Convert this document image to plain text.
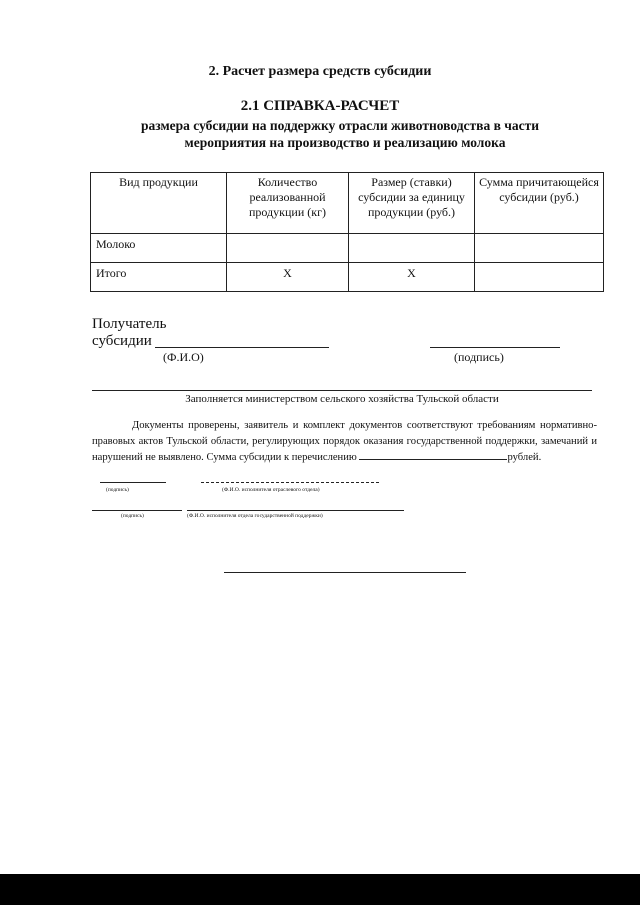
2. Расчет размера средств субсидии
2.1 СПРАВКА-РАСЧЕТ
размера субсидии на поддержку отрасли животноводства в части
мероприятия на производство и реализацию молока
Вид продукции	Количество реализованной продукции (кг)	Размер (ставки) субсидии за единицу продукции (руб.)	Сумма причитающейся субсидии (руб.)
Молоко			
Итого	Х	Х	
Получатель
субсидии
(Ф.И.О)	(подпись)
Заполняется министерством сельского хозяйства Тульской области
Документы проверены, заявитель и комплект документов соответствуют требованиям нормативно-правовых актов Тульской области, регулирующих порядок оказания государственной поддержки, замечаний и нарушений не выявлено. Сумма субсидии к перечислению	рублей.
(подпись)	(Ф.И.О. исполнителя отраслевого отдела)
(подпись)	(Ф.И.О. исполнителя отдела государственной поддержки)
